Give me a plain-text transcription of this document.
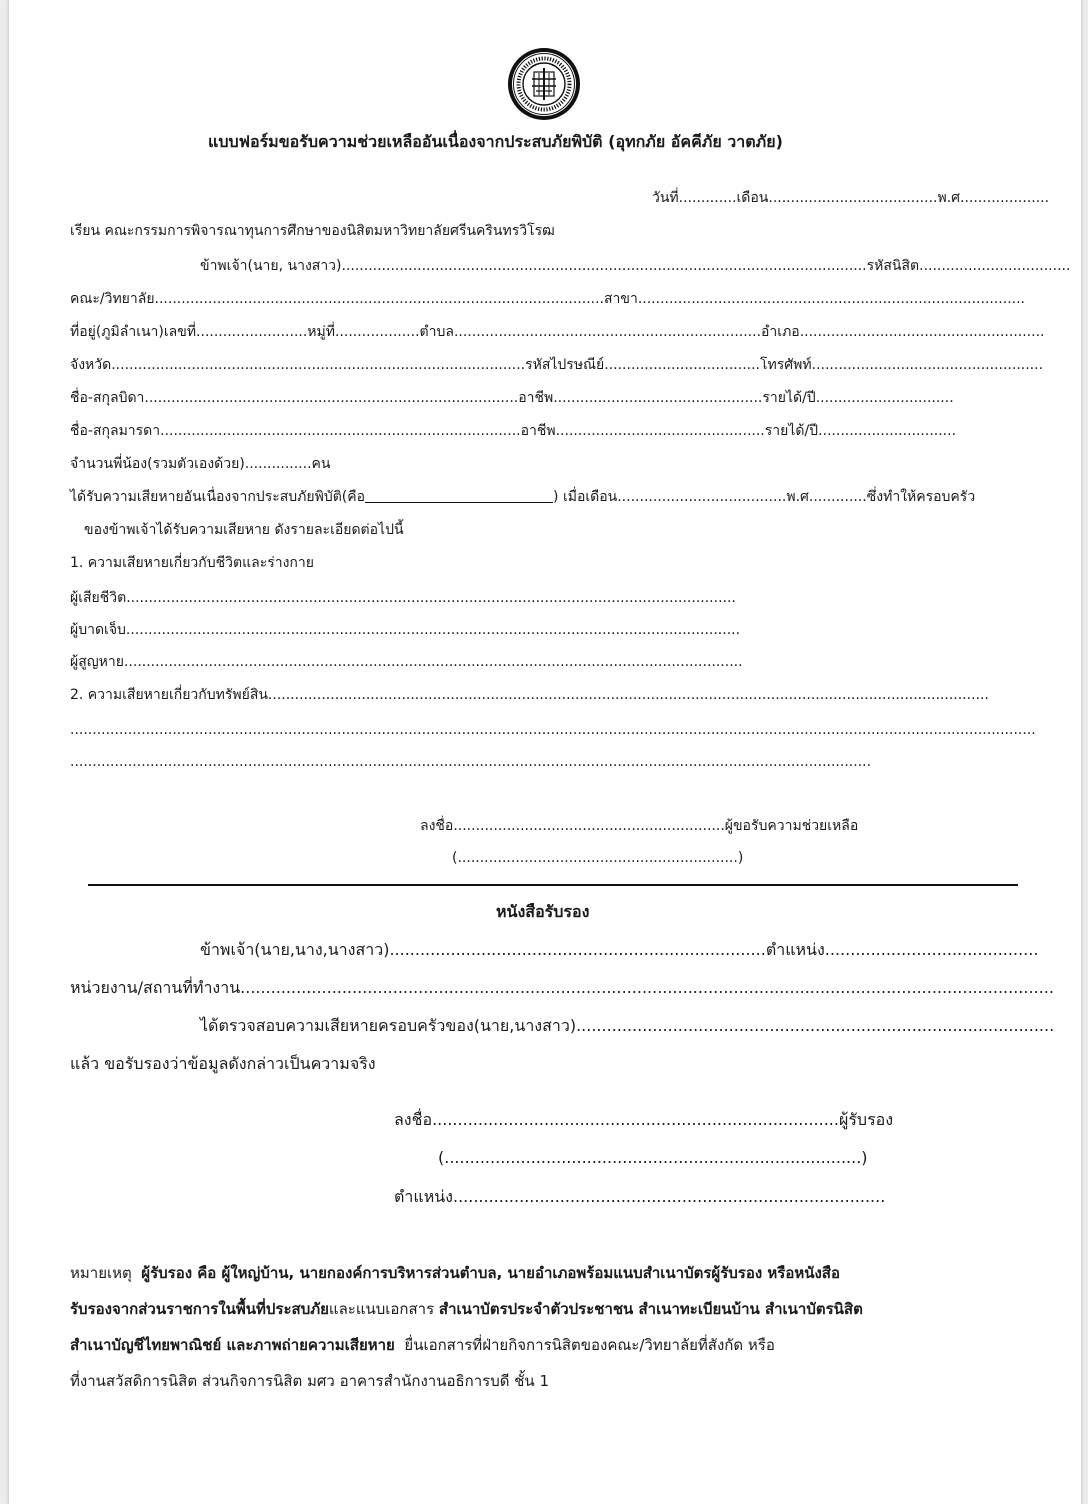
แบบฟอร์มขอรับความช่วยเหลืออันเนื่องจากประสบภัยพิบัติ (อุทกภัย อัคคีภัย วาตภัย)
วันที่.............เดือน......................................พ.ศ....................
เรียน คณะกรรมการพิจารณาทุนการศึกษาของนิสิตมหาวิทยาลัยศรีนครินทรวิโรฒ
ข้าพเจ้า(นาย, นางสาว)......................................................................................................................รหัสนิสิต..................................
คณะ/วิทยาลัย.....................................................................................................สาขา.......................................................................................
ที่อยู่(ภูมิลำเนา)เลขที่.........................หมู่ที่...................ตำบล.....................................................................อำเภอ.......................................................
จังหวัด.............................................................................................รหัสไปรษณีย์...................................โทรศัพท์....................................................
ชื่อ-สกุลบิดา....................................................................................อาชีพ...............................................รายได้/ปี...............................
ชื่อ-สกุลมารดา.................................................................................อาชีพ...............................................รายได้/ปี...............................
จำนวนพี่น้อง(รวมตัวเองด้วย)...............คน
ได้รับความเสียหายอันเนื่องจากประสบภัยพิบัติ(คือ	) เมื่อเดือน......................................พ.ศ.............ซึ่งทำให้ครอบครัว
ของข้าพเจ้าได้รับความเสียหาย ดังรายละเอียดต่อไปนี้
1. ความเสียหายเกี่ยวกับชีวิตและร่างกาย
ผู้เสียชีวิต.........................................................................................................................................
ผู้บาดเจ็บ..........................................................................................................................................
ผู้สูญหาย...........................................................................................................................................
2. ความเสียหายเกี่ยวกับทรัพย์สิน..................................................................................................................................................................
.........................................................................................................................................................................................................................
....................................................................................................................................................................................
ลงชื่อ.............................................................ผู้ขอรับความช่วยเหลือ
(...............................................................)
หนังสือรับรอง
ข้าพเจ้า(นาย,นาง,นางสาว)..........................................................................ตำแหน่ง..........................................
หน่วยงาน/สถานที่ทำงาน................................................................................................................................................................
ได้ตรวจสอบความเสียหายครอบครัวของ(นาย,นางสาว)..............................................................................................
แล้ว ขอรับรองว่าข้อมูลดังกล่าวเป็นความจริง
ลงชื่อ................................................................................ผู้รับรอง
(..................................................................................)
ตำแหน่ง.....................................................................................
หมายเหตุ ผู้รับรอง คือ ผู้ใหญ่บ้าน, นายกองค์การบริหารส่วนตำบล, นายอำเภอพร้อมแนบสำเนาบัตรผู้รับรอง หรือหนังสือ
รับรองจากส่วนราชการในพื้นที่ประสบภัยและแนบเอกสาร สำเนาบัตรประจำตัวประชาชน สำเนาทะเบียนบ้าน สำเนาบัตรนิสิต
สำเนาบัญชีไทยพาณิชย์ และภาพถ่ายความเสียหาย ยื่นเอกสารที่ฝ่ายกิจการนิสิตของคณะ/วิทยาลัยที่สังกัด หรือ
ที่งานสวัสดิการนิสิต ส่วนกิจการนิสิต มศว อาคารสำนักงานอธิการบดี ชั้น 1
